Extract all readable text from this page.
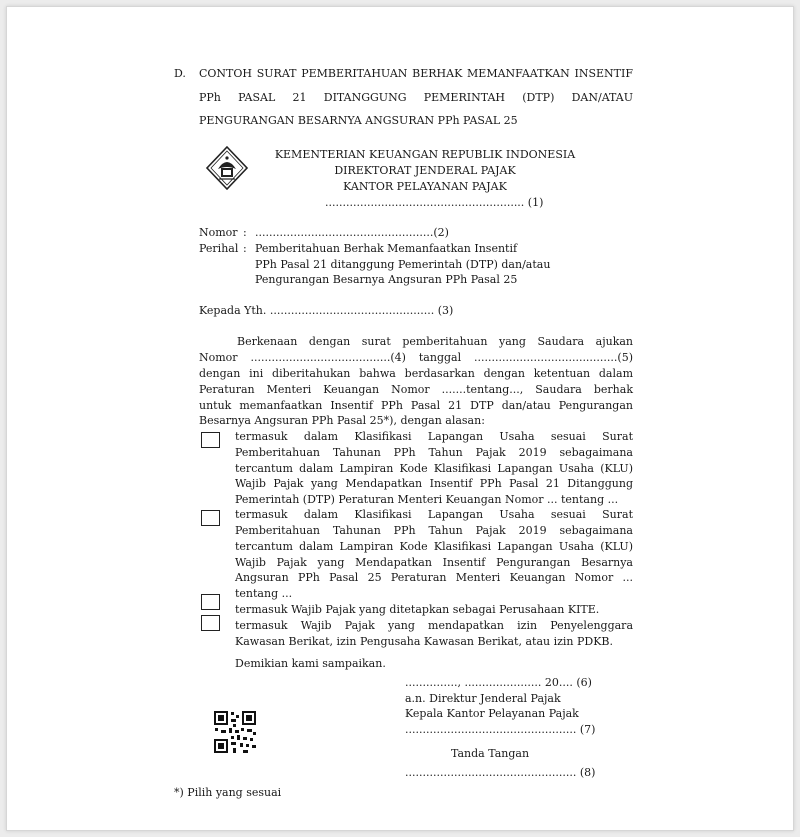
D. CONTOH SURAT PEMBERITAHUAN BERHAK MEMANFAATKAN INSENTIF
PPh PASAL 21 DITANGGUNG PEMERINTAH (DTP) DAN/ATAU
PENGURANGAN BESARNYA ANGSURAN PPh PASAL 25
KEMENTERIAN KEUANGAN REPUBLIK INDONESIA
DIREKTORAT JENDERAL PAJAK
KANTOR PELAYANAN PAJAK
......................................................... (1)
Nomor : ...................................................(2)
Perihal : Pemberitahuan Berhak Memanfaatkan Insentif
PPh Pasal 21 ditanggung Pemerintah (DTP) dan/atau
Pengurangan Besarnya Angsuran PPh Pasal 25
Kepada Yth. ............................................... (3)
Berkenaan dengan surat pemberitahuan yang Saudara ajukan
Nomor ........................................(4) tanggal .........................................(5)
dengan ini diberitahukan bahwa berdasarkan dengan ketentuan dalam
Peraturan Menteri Keuangan Nomor .......tentang..., Saudara berhak
untuk memanfaatkan Insentif PPh Pasal 21 DTP dan/atau Pengurangan
Besarnya Angsuran PPh Pasal 25*), dengan alasan:
termasuk dalam Klasifikasi Lapangan Usaha sesuai Surat
Pemberitahuan Tahunan PPh Tahun Pajak 2019 sebagaimana
tercantum dalam Lampiran Kode Klasifikasi Lapangan Usaha (KLU)
Wajib Pajak yang Mendapatkan Insentif PPh Pasal 21 Ditanggung
Pemerintah (DTP) Peraturan Menteri Keuangan Nomor ... tentang ...
termasuk dalam Klasifikasi Lapangan Usaha sesuai Surat
Pemberitahuan Tahunan PPh Tahun Pajak 2019 sebagaimana
tercantum dalam Lampiran Kode Klasifikasi Lapangan Usaha (KLU)
Wajib Pajak yang Mendapatkan Insentif Pengurangan Besarnya
Angsuran PPh Pasal 25 Peraturan Menteri Keuangan Nomor ...
tentang ...
termasuk Wajib Pajak yang ditetapkan sebagai Perusahaan KITE.
termasuk Wajib Pajak yang mendapatkan izin Penyelenggara
Kawasan Berikat, izin Pengusaha Kawasan Berikat, atau izin PDKB.
Demikian kami sampaikan.
..............., ...................... 20.... (6)
a.n. Direktur Jenderal Pajak
Kepala Kantor Pelayanan Pajak
................................................. (7)
Tanda Tangan
................................................. (8)
*) Pilih yang sesuai
